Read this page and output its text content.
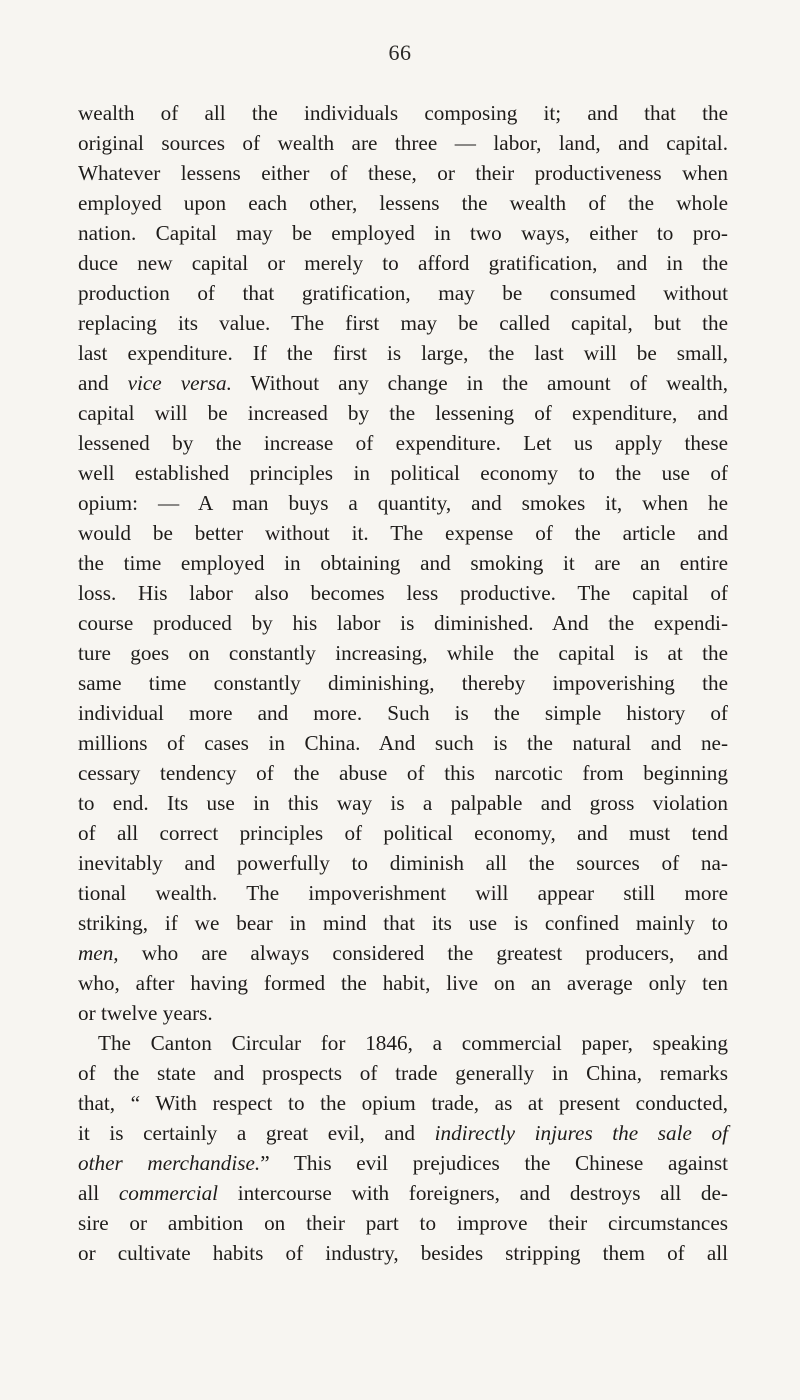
66
wealth of all the individuals composing it; and that the
original sources of wealth are three — labor, land, and capital.
Whatever lessens either of these, or their productiveness when
employed upon each other, lessens the wealth of the whole
nation. Capital may be employed in two ways, either to pro-
duce new capital or merely to afford gratification, and in the
production of that gratification, may be consumed without
replacing its value. The first may be called capital, but the
last expenditure. If the first is large, the last will be small,
and vice versa. Without any change in the amount of wealth,
capital will be increased by the lessening of expenditure, and
lessened by the increase of expenditure. Let us apply these
well established principles in political economy to the use of
opium: — A man buys a quantity, and smokes it, when he
would be better without it. The expense of the article and
the time employed in obtaining and smoking it are an entire
loss. His labor also becomes less productive. The capital of
course produced by his labor is diminished. And the expendi-
ture goes on constantly increasing, while the capital is at the
same time constantly diminishing, thereby impoverishing the
individual more and more. Such is the simple history of
millions of cases in China. And such is the natural and ne-
cessary tendency of the abuse of this narcotic from beginning
to end. Its use in this way is a palpable and gross violation
of all correct principles of political economy, and must tend
inevitably and powerfully to diminish all the sources of na-
tional wealth. The impoverishment will appear still more
striking, if we bear in mind that its use is confined mainly to
men, who are always considered the greatest producers, and
who, after having formed the habit, live on an average only ten
or twelve years.
The Canton Circular for 1846, a commercial paper, speaking
of the state and prospects of trade generally in China, remarks
that, “ With respect to the opium trade, as at present conducted,
it is certainly a great evil, and indirectly injures the sale of
other merchandise.” This evil prejudices the Chinese against
all commercial intercourse with foreigners, and destroys all de-
sire or ambition on their part to improve their circumstances
or cultivate habits of industry, besides stripping them of all
